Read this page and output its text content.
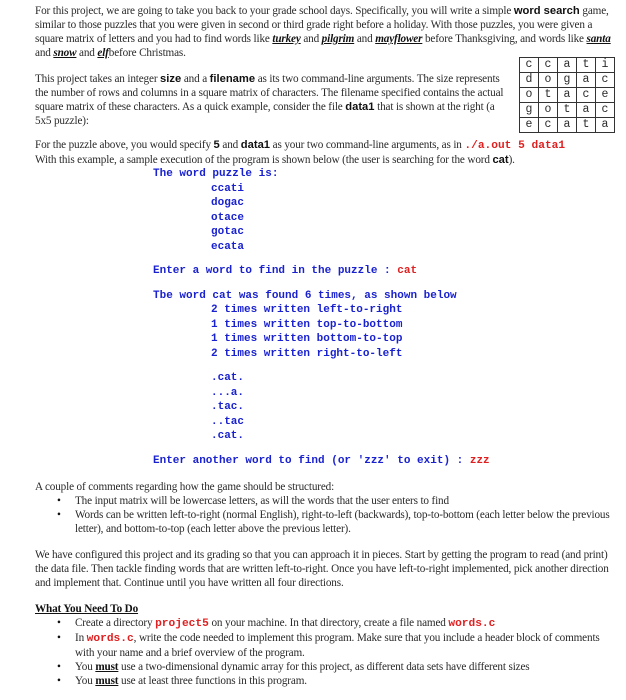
c	c	a	t	i
d	o	g	a	c
o	t	a	c	e
g	o	t	a	c
e	c	a	t	a

For this project, we are going to take you back to your grade school days. Specifically, you will write a simple word search game, similar to those puzzles that you were given in second or third grade right before a holiday. With those puzzles, you were given a square matrix of letters and you had to find words like turkey and pilgrim and mayflower before Thanksgiving, and words like santa and snow and elfbefore Christmas.

This project takes an integer size and a filename as its two command-line arguments. The size represents the number of rows and columns in a square matrix of characters. The filename specified contains the actual square matrix of these characters. As a quick example, consider the file data1 that is shown at the right (a 5x5 puzzle):

For the puzzle above, you would specify 5 and data1 as your two command-line arguments, as in ./a.out 5 data1

With this example, a sample execution of the program is shown below (the user is searching for the word cat).

The word puzzle is:
ccati
dogac
otace
gotac
ecata
Enter a word to find in the puzzle : cat
Tbe word cat was found 6 times, as shown below
2 times written left-to-right
1 times written top-to-bottom
1 times written bottom-to-top
2 times written right-to-left
.cat.
...a.
.tac.
..tac
.cat.
Enter another word to find (or 'zzz' to exit) : zzz

A couple of comments regarding how the game should be structured:

• The input matrix will be lowercase letters, as will the words that the user enters to find
• Words can be written left-to-right (normal English), right-to-left (backwards), top-to-bottom (each letter below the previous letter), and bottom-to-top (each letter above the previous letter).

We have configured this project and its grading so that you can approach it in pieces. Start by getting the program to read (and print) the data file. Then tackle finding words that are written left-to-right. Once you have left-to-right implemented, pick another direction and implement that. Continue until you have written all four directions.

What You Need To Do

• Create a directory project5 on your machine. In that directory, create a file named words.c
• In words.c, write the code needed to implement this program. Make sure that you include a header block of comments with your name and a brief overview of the program.
• You must use a two-dimensional dynamic array for this project, as different data sets have different sizes
• You must use at least three functions in this program.
